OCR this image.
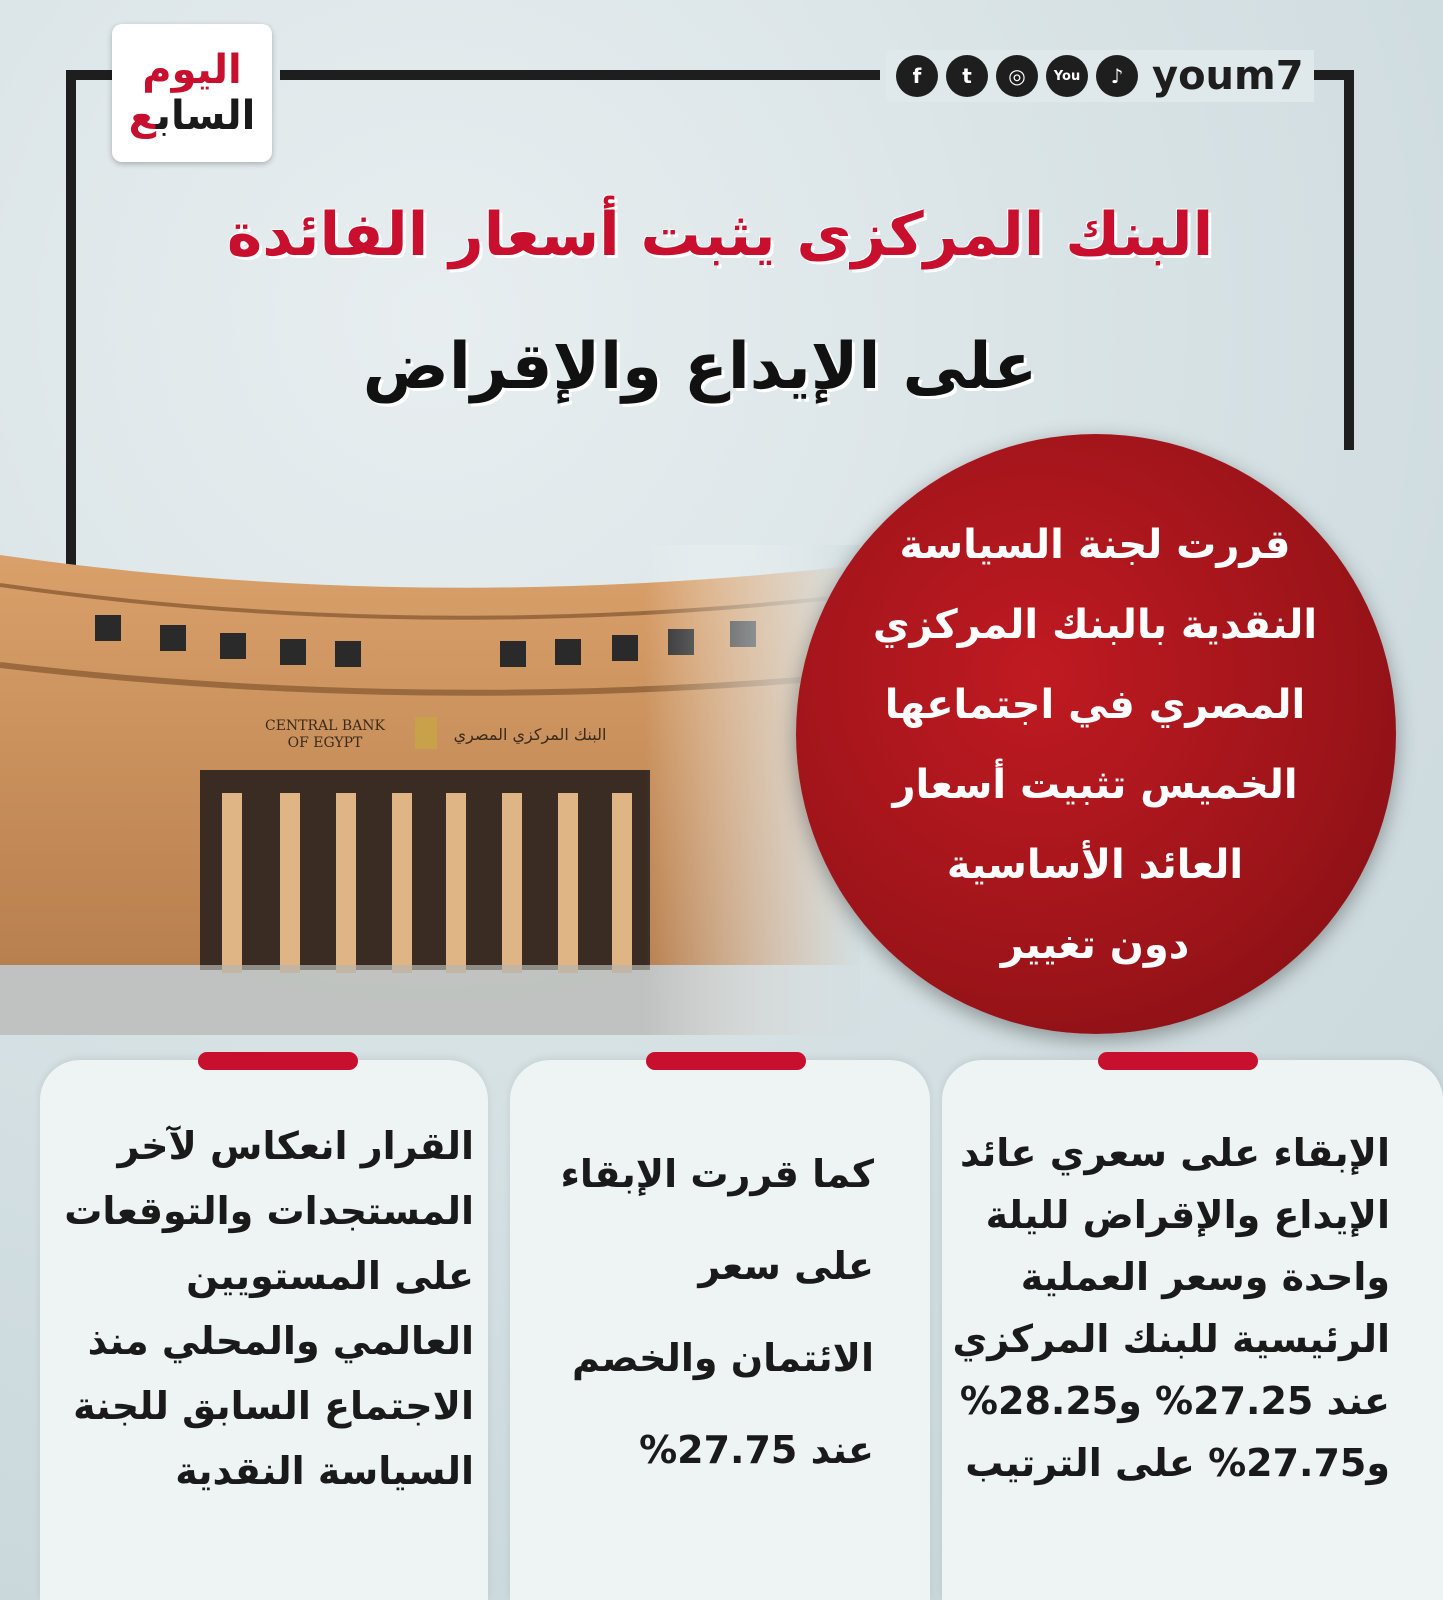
اليوم
السابع
f	t	◎	You	♪ youm7
البنك المركزى يثبت أسعار الفائدة
على الإيداع والإقراض
قررت لجنة السياسة
النقدية بالبنك المركزي
المصري في اجتماعها
الخميس تثبيت أسعار
العائد الأساسية
دون تغيير
الإبقاء على سعري عائد
الإيداع والإقراض لليلة
واحدة وسعر العملية
الرئيسية للبنك المركزي
عند 27.25% و28.25%
و27.75% على الترتيب
كما قررت الإبقاء
على سعر
الائتمان والخصم
عند 27.75%
القرار انعكاس لآخر
المستجدات والتوقعات
على المستويين
العالمي والمحلي منذ
الاجتماع السابق للجنة
السياسة النقدية
